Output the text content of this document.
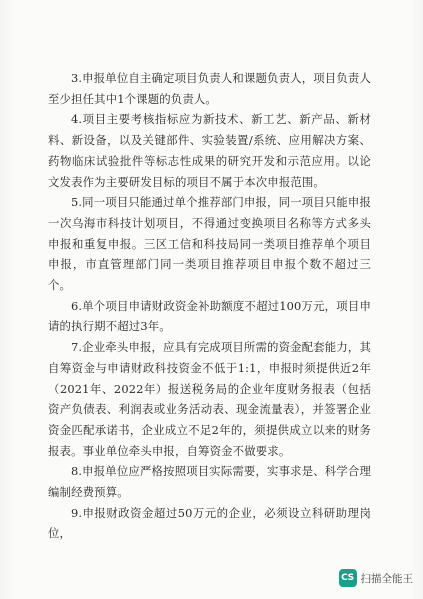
3.申报单位自主确定项目负责人和课题负责人，项目负责人至少担任其中1个课题的负责人。

4.项目主要考核指标应为新技术、新工艺、新产品、新材料、新设备，以及关键部件、实验装置/系统、应用解决方案、药物临床试验批件等标志性成果的研究开发和示范应用。以论文发表作为主要研发目标的项目不属于本次申报范围。

5.同一项目只能通过单个推荐部门申报，同一项目只能申报一次乌海市科技计划项目，不得通过变换项目名称等方式多头申报和重复申报。三区工信和科技局同一类项目推荐单个项目申报，市直管理部门同一类项目推荐项目申报个数不超过三个。

6.单个项目申请财政资金补助额度不超过100万元，项目申请的执行期不超过3年。

7.企业牵头申报，应具有完成项目所需的资金配套能力，其自筹资金与申请财政科技资金不低于1:1，申报时须提供近2年（2021年、2022年）报送税务局的企业年度财务报表（包括资产负债表、利润表或业务活动表、现金流量表），并签署企业资金匹配承诺书，企业成立不足2年的，须提供成立以来的财务报表。事业单位牵头申报，自筹资金不做要求。

8.申报单位应严格按照项目实际需要，实事求是、科学合理编制经费预算。

9.申报财政资金超过50万元的企业，必须设立科研助理岗位，

CS 扫描全能王
